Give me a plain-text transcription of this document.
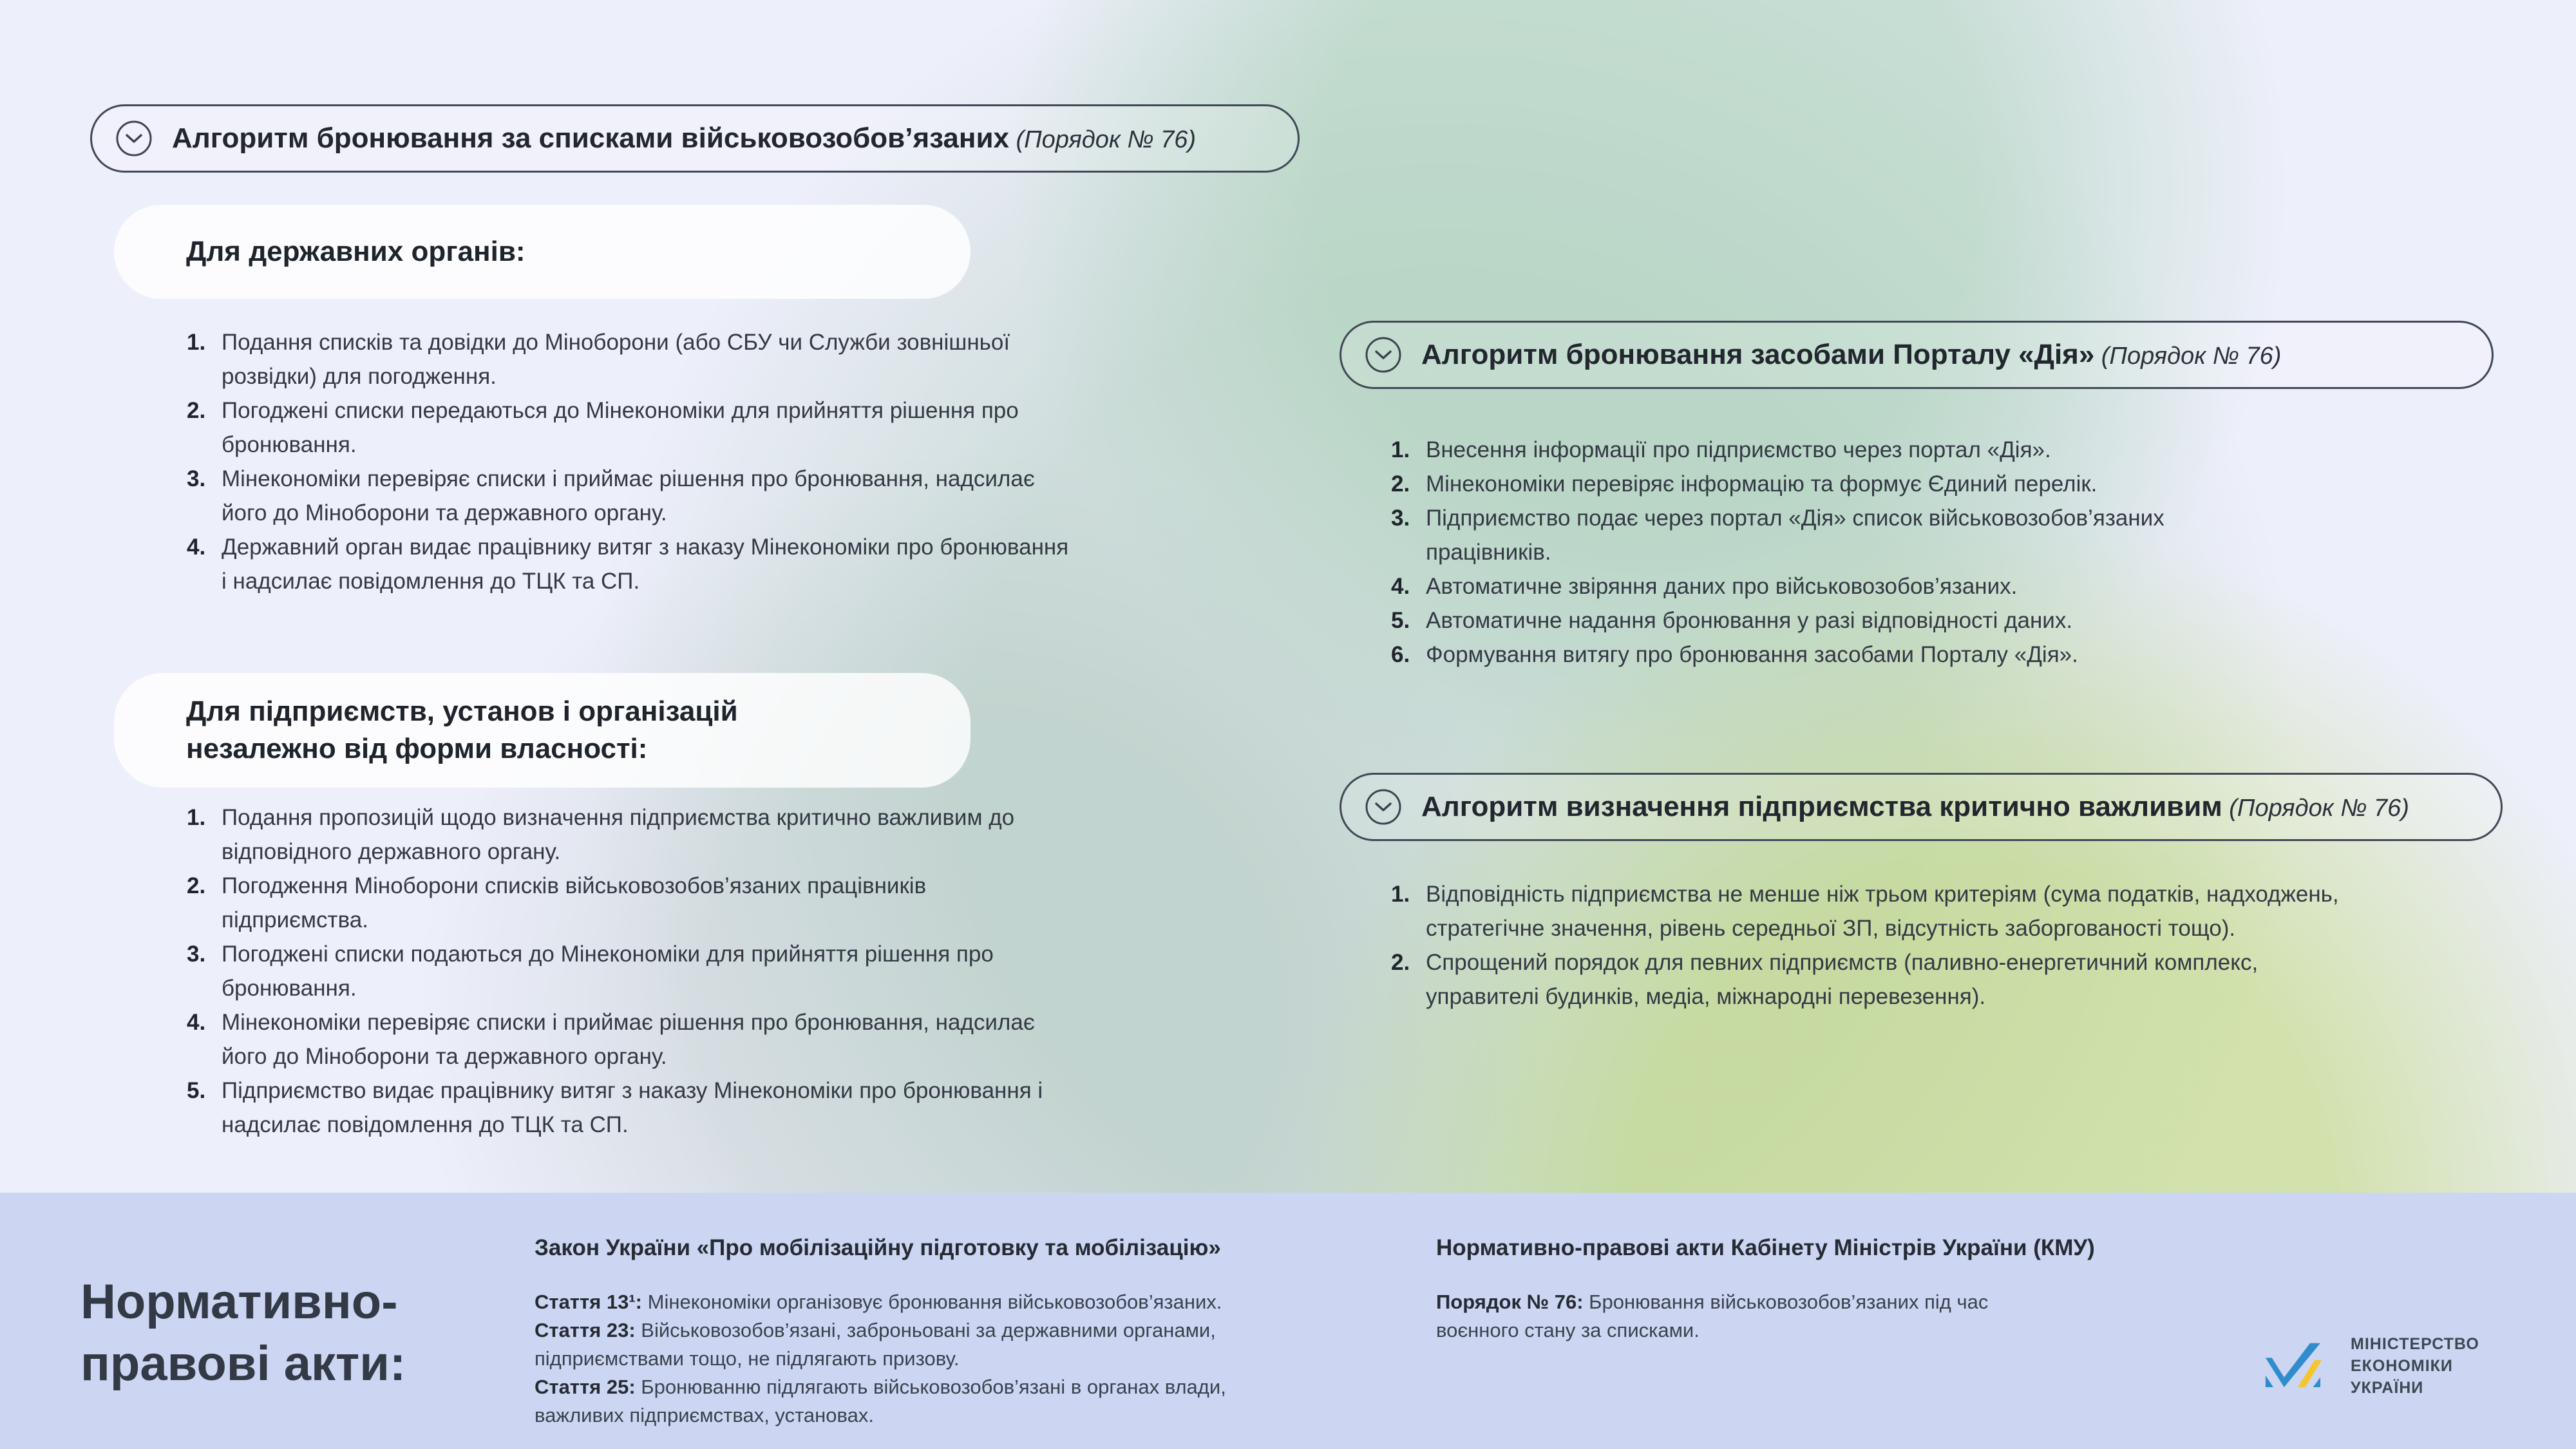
Алгоритм бронювання за списками військовозобов’язаних (Порядок № 76)
Для державних органів:
1. Подання списків та довідки до Міноборони (або СБУ чи Служби зовнішньої розвідки) для погодження.
2. Погоджені списки передаються до Мінекономіки для прийняття рішення про бронювання.
3. Мінекономіки перевіряє списки і приймає рішення про бронювання, надсилає його до Міноборони та державного органу.
4. Державний орган видає працівнику витяг з наказу Мінекономіки про бронювання і надсилає повідомлення до ТЦК та СП.
Для підприємств, установ і організацій
незалежно від форми власності:
1. Подання пропозицій щодо визначення підприємства критично важливим до відповідного державного органу.
2. Погодження Міноборони списків військовозобов’язаних працівників підприємства.
3. Погоджені списки подаються до Мінекономіки для прийняття рішення про бронювання.
4. Мінекономіки перевіряє списки і приймає рішення про бронювання, надсилає його до Міноборони та державного органу.
5. Підприємство видає працівнику витяг з наказу Мінекономіки про бронювання і надсилає повідомлення до ТЦК та СП.
Алгоритм бронювання засобами Порталу «Дія» (Порядок № 76)
1. Внесення інформації про підприємство через портал «Дія».
2. Мінекономіки перевіряє інформацію та формує Єдиний перелік.
3. Підприємство подає через портал «Дія» список військовозобов’язаних працівників.
4. Автоматичне звіряння даних про військовозобов’язаних.
5. Автоматичне надання бронювання у разі відповідності даних.
6. Формування витягу про бронювання засобами Порталу «Дія».
Алгоритм визначення підприємства критично важливим (Порядок № 76)
1. Відповідність підприємства не менше ніж трьом критеріям (сума податків, надходжень, стратегічне значення, рівень середньої ЗП, відсутність заборгованості тощо).
2. Спрощений порядок для певних підприємств (паливно-енергетичний комплекс, управителі будинків, медіа, міжнародні перевезення).
Нормативно-
правові акти:
Закон України «Про мобілізаційну підготовку та мобілізацію»
Стаття 13¹: Мінекономіки організовує бронювання військовозобов’язаних.
Стаття 23: Військовозобов’язані, заброньовані за державними органами, підприємствами тощо, не підлягають призову.
Стаття 25: Бронюванню підлягають військовозобов’язані в органах влади, важливих підприємствах, установах.
Нормативно-правові акти Кабінету Міністрів України (КМУ)
Порядок № 76: Бронювання військовозобов’язаних під час воєнного стану за списками.
МІНІСТЕРСТВО
ЕКОНОМІКИ
УКРАЇНИ
